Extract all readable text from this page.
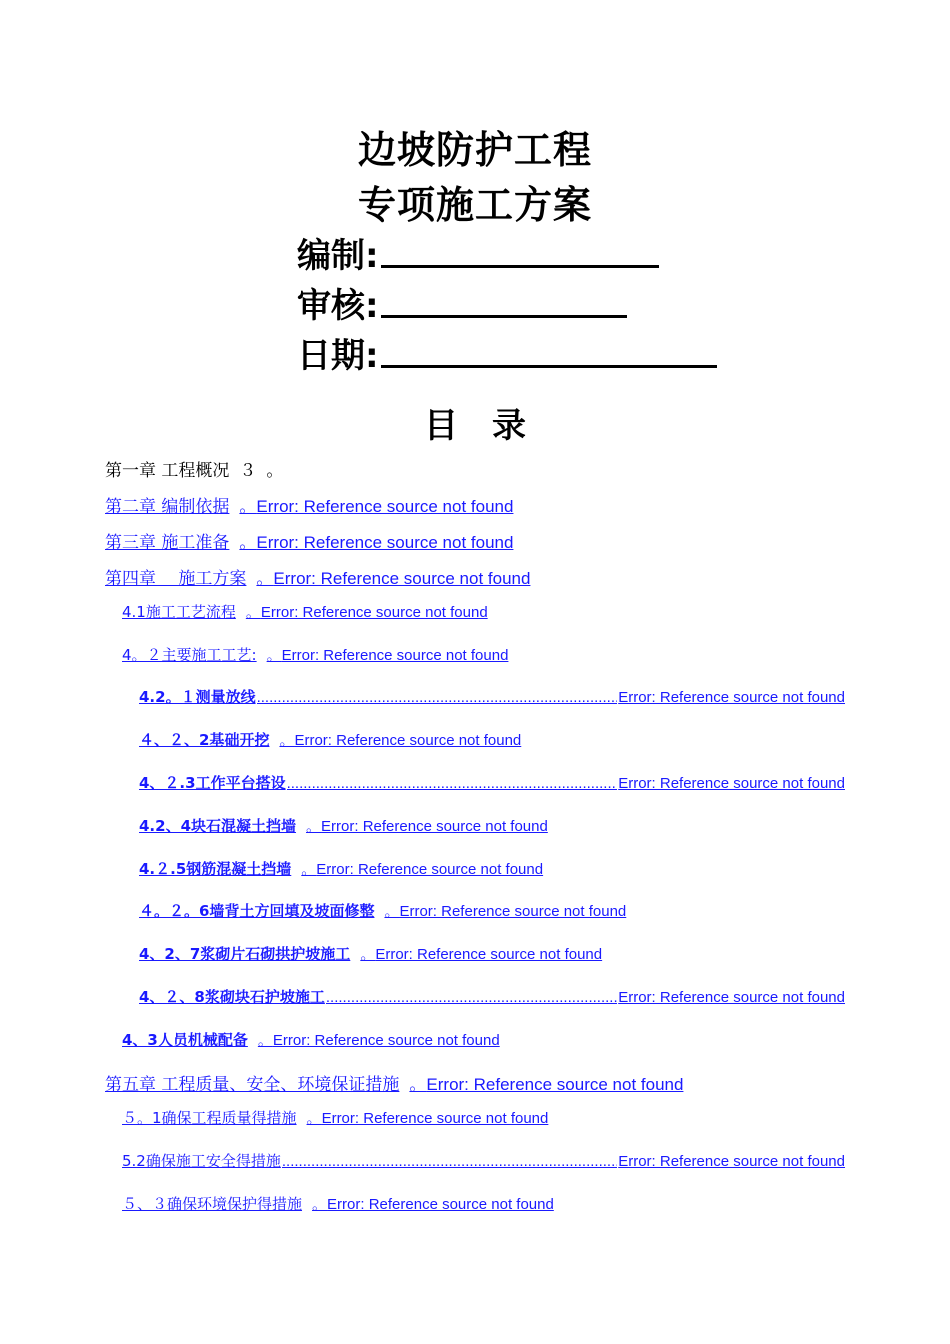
边坡防护工程
专项施工方案
编制:
审核:
日期:
目　录
第一章 工程概况 ３ 。
第二章 编制依据 。Error: Reference source not found
第三章 施工准备 。Error: Reference source not found
第四章 　施工方案 。Error: Reference source not found
4.1施工工艺流程 。Error: Reference source not found
4。２主要施工工艺: 。Error: Reference source not found
4.2。１测量放线 .....	Error: Reference source not found
４、２、2基础开挖 。Error: Reference source not found
4、２.3工作平台搭设 .....	Error: Reference source not found
4.2、4块石混凝土挡墙 。Error: Reference source not found
4.２.5钢筋混凝土挡墙 。Error: Reference source not found
４。２。6墙背土方回填及坡面修整 。Error: Reference source not found
4、2、7浆砌片石砌拱护坡施工 。Error: Reference source not found
4、２、8浆砌块石护坡施工 .....	Error: Reference source not found
4、3人员机械配备 。Error: Reference source not found
第五章 工程质量、安全、环境保证措施 。Error: Reference source not found
５。1确保工程质量得措施 。Error: Reference source not found
5.2确保施工安全得措施 .....	Error: Reference source not found
５、３确保环境保护得措施 。Error: Reference source not found
